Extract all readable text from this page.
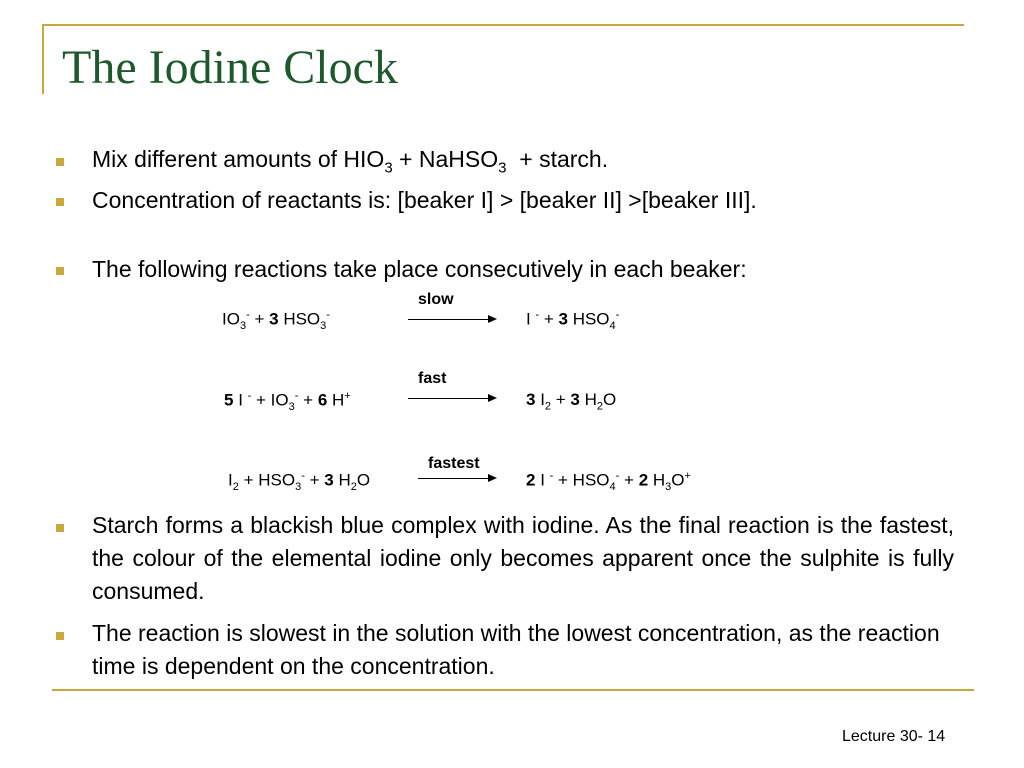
The Iodine Clock
Mix different amounts of $HIO_3$ + NaHSO$_3$  + starch.
Concentration of reactants is: [beaker I] > [beaker II] >[beaker III].
The following reactions take place consecutively in each beaker:
$IO_3^- + 3$ $HSO_3^-$
slow
I - + 3 $HSO_4^-$
5 I $^- + IO_3^- + 6$ H+
fast
3 $I_2 + 3$ $H_2O$
$I_2 + HSO_3^- + 3$ $H_2O$
fastest
2 I $^- + HSO_4^- + 2$ $H_3O^+$
Starch forms a blackish blue complex with iodine. As the final reaction is the fastest, the colour of the elemental iodine only becomes apparent once the sulphite is fully consumed.
The reaction is slowest in the solution with the lowest concentration, as the reaction time is dependent on the concentration.
Lecture 30- 14
